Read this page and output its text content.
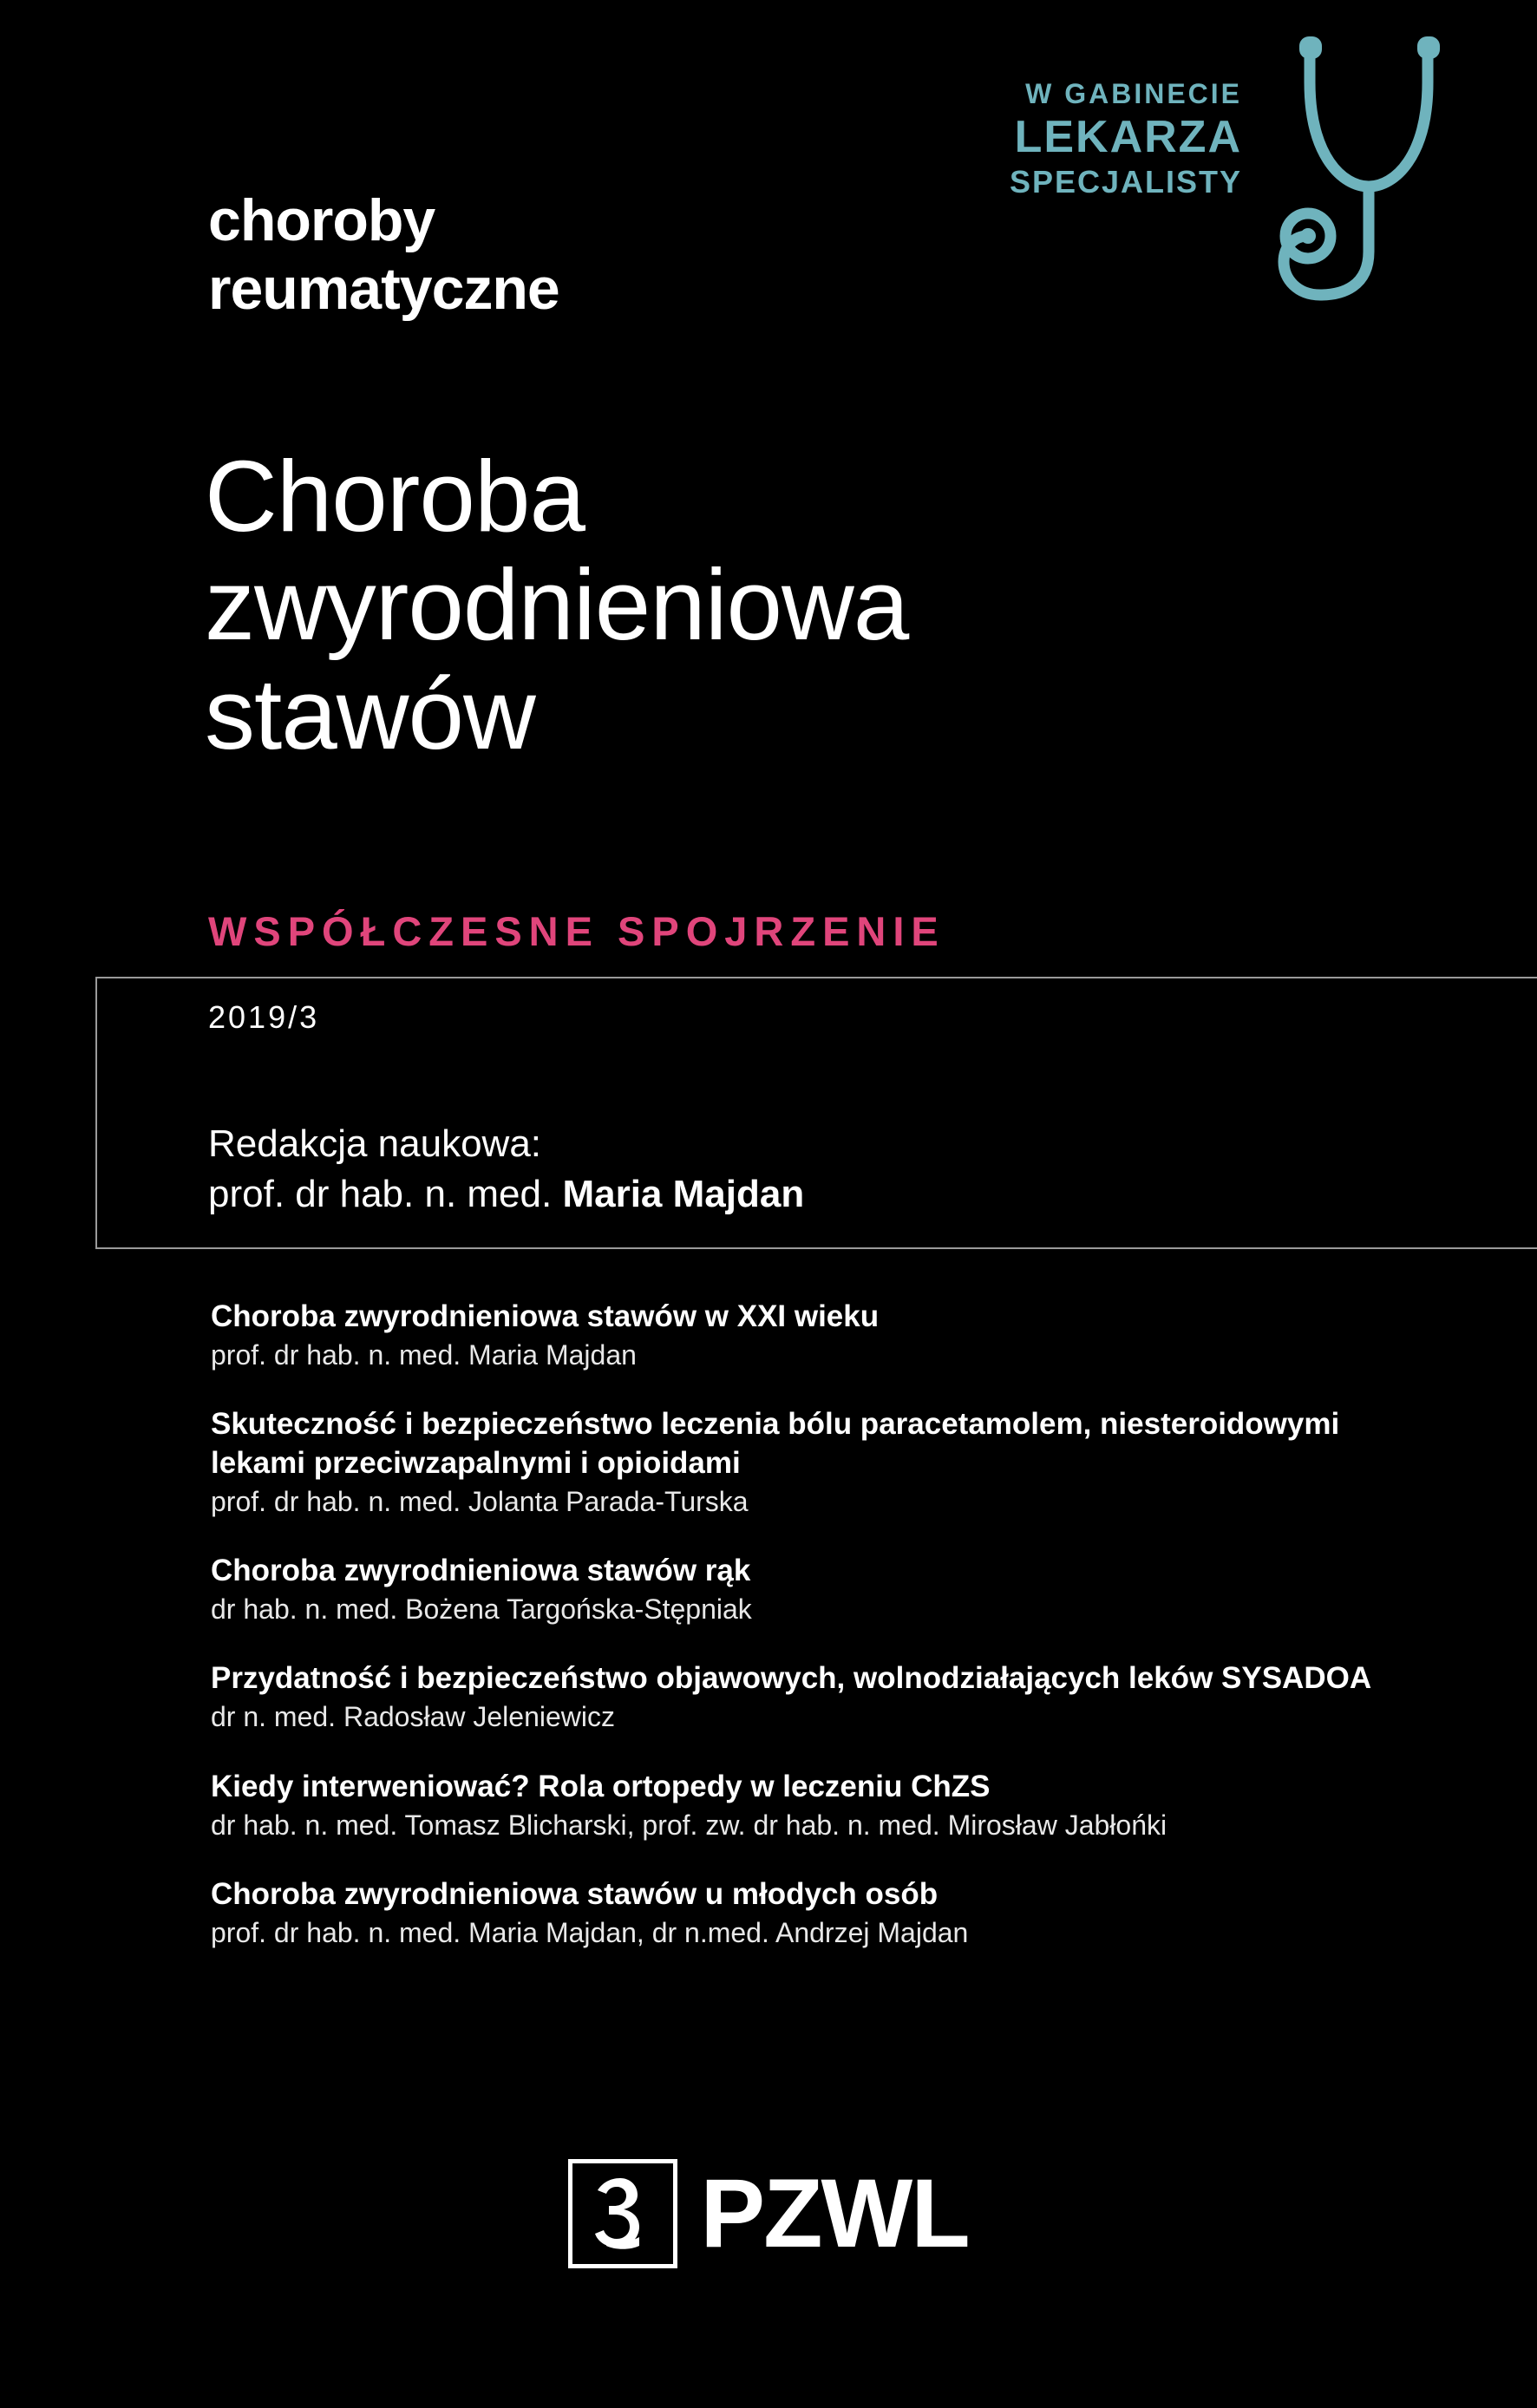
W GABINECIE
LEKARZA
SPECJALISTY
choroby
reumatyczne
Choroba
zwyrodnieniowa
stawów
WSPÓŁCZESNE SPOJRZENIE
2019/3
Redakcja naukowa:
prof. dr hab. n. med. Maria Majdan
Choroba zwyrodnieniowa stawów w XXI wieku
prof. dr hab. n. med. Maria Majdan
Skuteczność i bezpieczeństwo leczenia bólu paracetamolem, niesteroidowymi lekami przeciwzapalnymi i opioidami
prof. dr hab. n. med. Jolanta Parada-Turska
Choroba zwyrodnieniowa stawów rąk
dr hab. n. med. Bożena Targońska-Stępniak
Przydatność i bezpieczeństwo objawowych, wolnodziałających leków SYSADOA
dr n. med. Radosław Jeleniewicz
Kiedy interweniować? Rola ortopedy w leczeniu ChZS
dr hab. n. med. Tomasz Blicharski, prof. zw. dr hab. n. med. Mirosław Jabłońki
Choroba zwyrodnieniowa stawów u młodych osób
prof. dr hab. n. med. Maria Majdan, dr n.med. Andrzej Majdan
PZWL
